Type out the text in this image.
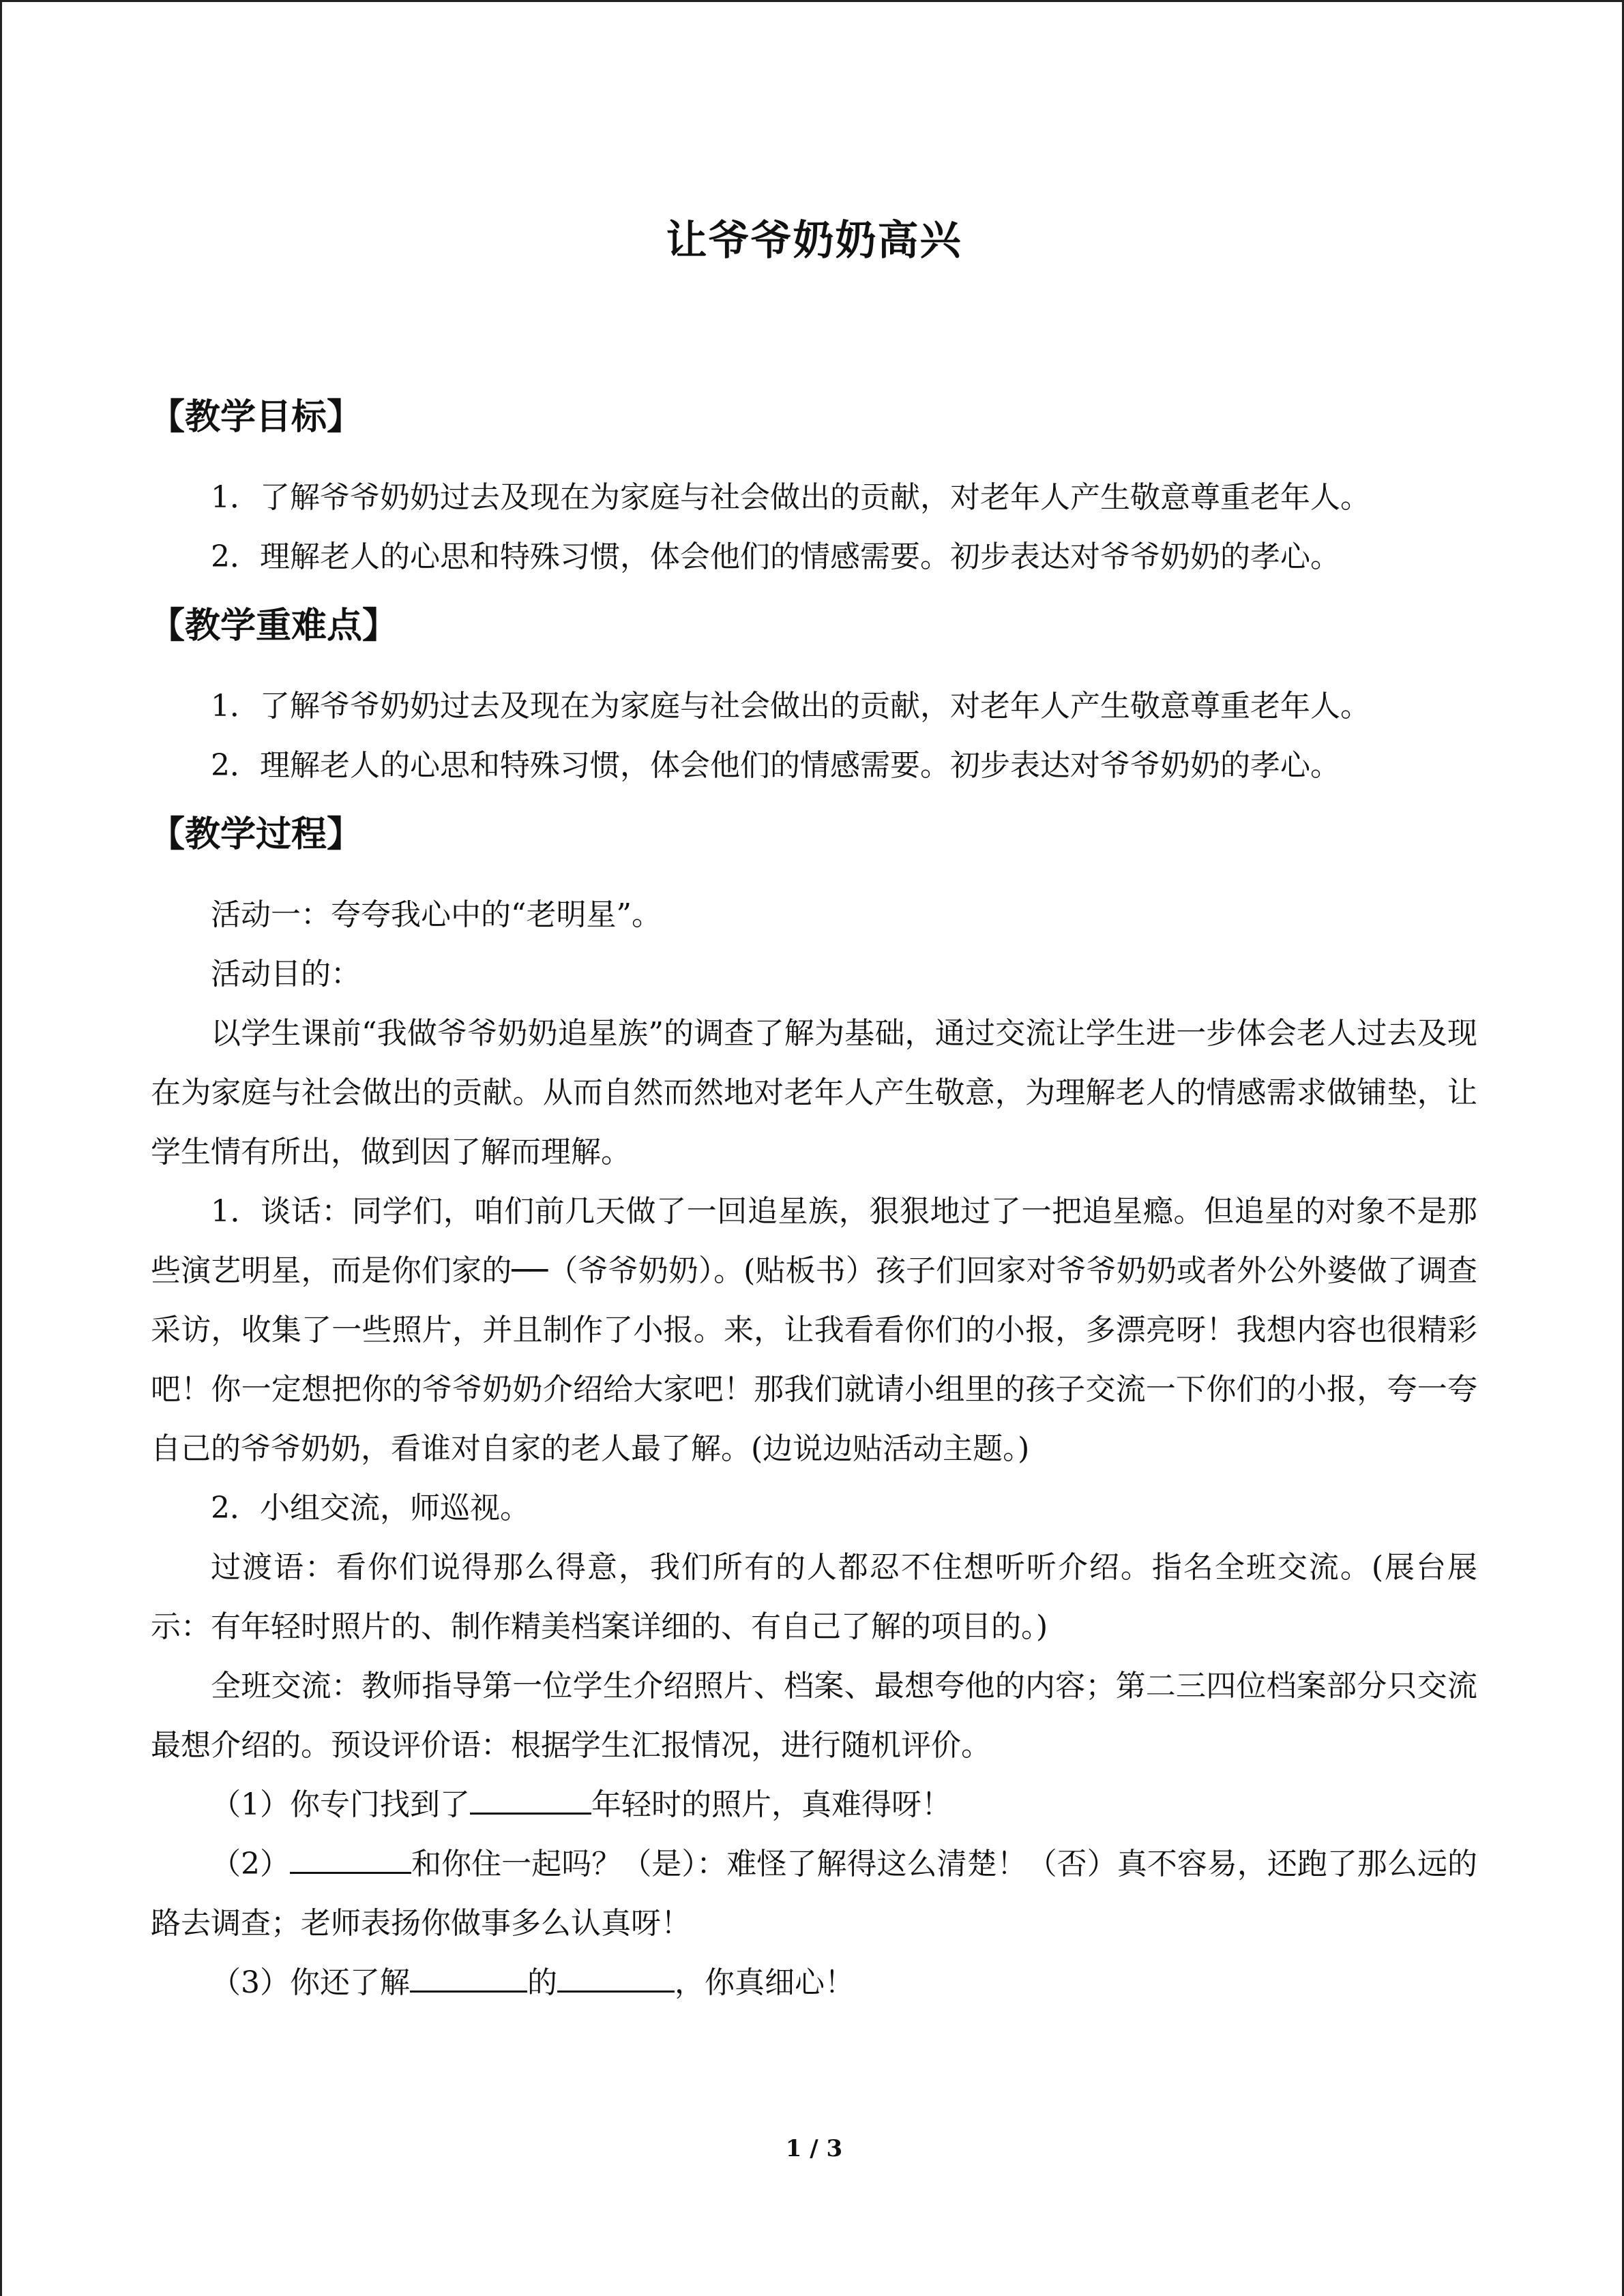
让爷爷奶奶高兴
【教学目标】

1．了解爷爷奶奶过去及现在为家庭与社会做出的贡献，对老年人产生敬意尊重老年人。

2．理解老人的心思和特殊习惯，体会他们的情感需要。初步表达对爷爷奶奶的孝心。

【教学重难点】

1．了解爷爷奶奶过去及现在为家庭与社会做出的贡献，对老年人产生敬意尊重老年人。

2．理解老人的心思和特殊习惯，体会他们的情感需要。初步表达对爷爷奶奶的孝心。

【教学过程】

活动一：夸夸我心中的“老明星”。

活动目的：

以学生课前“我做爷爷奶奶追星族”的调查了解为基础，通过交流让学生进一步体会老人过去及现在为家庭与社会做出的贡献。从而自然而然地对老年人产生敬意，为理解老人的情感需求做铺垫，让学生情有所出，做到因了解而理解。

1．谈话：同学们，咱们前几天做了一回追星族，狠狠地过了一把追星瘾。但追星的对象不是那些演艺明星，而是你们家的──（爷爷奶奶）。(贴板书）孩子们回家对爷爷奶奶或者外公外婆做了调查采访，收集了一些照片，并且制作了小报。来，让我看看你们的小报，多漂亮呀！我想内容也很精彩吧！你一定想把你的爷爷奶奶介绍给大家吧！那我们就请小组里的孩子交流一下你们的小报，夸一夸自己的爷爷奶奶，看谁对自家的老人最了解。(边说边贴活动主题。)

2．小组交流，师巡视。

过渡语：看你们说得那么得意，我们所有的人都忍不住想听听介绍。指名全班交流。(展台展示：有年轻时照片的、制作精美档案详细的、有自己了解的项目的。)

全班交流：教师指导第一位学生介绍照片、档案、最想夸他的内容；第二三四位档案部分只交流最想介绍的。预设评价语：根据学生汇报情况，进行随机评价。

（1）你专门找到了	年轻时的照片，真难得呀！

（2）	和你住一起吗？（是）：难怪了解得这么清楚！（否）真不容易，还跑了那么远的路去调查；老师表扬你做事多么认真呀！

（3）你还了解	的	，你真细心！

1 / 3
